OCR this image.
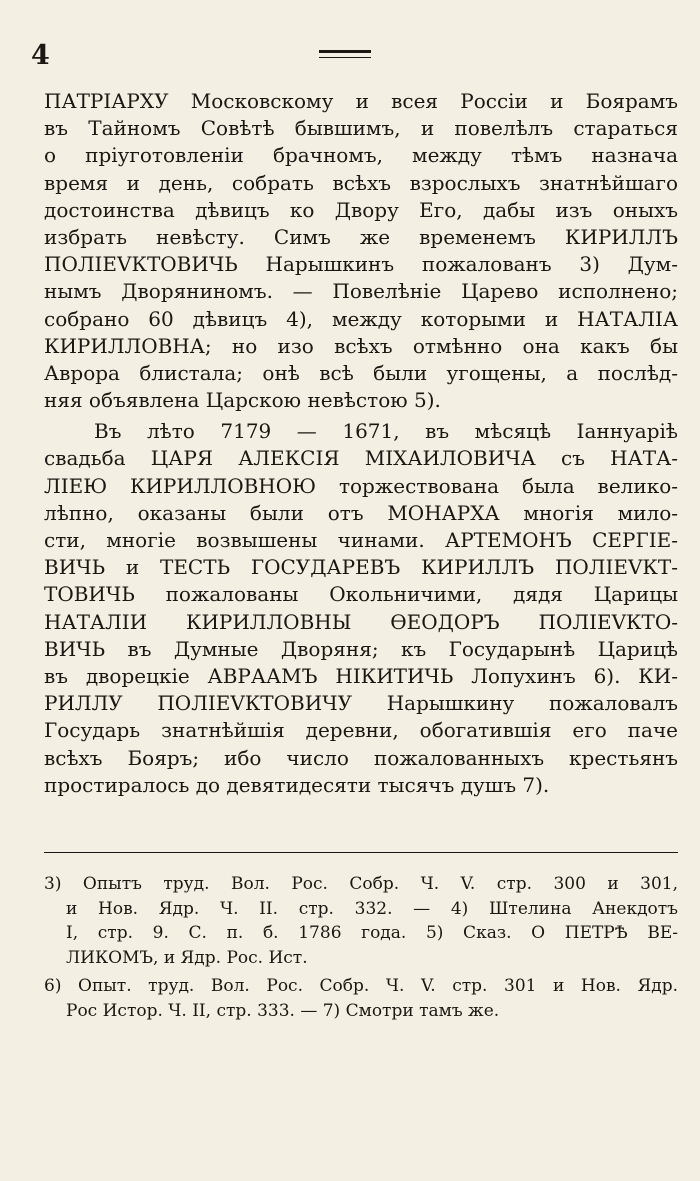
4
ПАТРІАРХУ Московскому и всея Россіи и Боярамъ
въ Тайномъ Совѣтѣ бывшимъ, и повелѣлъ стараться
о пріуготовленіи брачномъ, между тѣмъ назнача
время и день, собрать всѣхъ взрослыхъ знатнѣйшаго
достоинства дѣвицъ ко Двору Его, дабы изъ оныхъ
избрать невѣсту. Симъ же временемъ КИРИЛЛЪ
ПОЛІЕVКТОВИЧЬ Нарышкинъ пожалованъ 3) Дум-
нымъ Дворяниномъ. — Повелѣніе Царево исполнено;
собрано 60 дѣвицъ 4), между которыми и НАТАЛІА
КИРИЛЛОВНА; но изо всѣхъ отмѣнно она какъ бы
Аврора блистала; онѣ всѣ были угощены, а послѣд-
няя объявлена Царскою невѣстою 5).
Въ лѣто 7179 — 1671, въ мѣсяцѣ Іаннуаріѣ
свадьба ЦАРЯ АЛЕКСІЯ МІХАИЛОВИЧА съ НАТА-
ЛІЕЮ КИРИЛЛОВНОЮ торжествована была велико-
лѣпно, оказаны были отъ МОНАРХА многія мило-
сти, многіе возвышены чинами. АРТЕМОНЪ СЕРГІЕ-
ВИЧЬ и ТЕСТЬ ГОСУДАРЕВЪ КИРИЛЛЪ ПОЛІЕVКТ-
ТОВИЧЬ пожалованы Окольничими, дядя Царицы
НАТАЛІИ КИРИЛЛОВНЫ ѲЕОДОРЪ ПОЛІЕVКТО-
ВИЧЬ въ Думные Дворяня; къ Государынѣ Царицѣ
въ дворецкіе АВРААМЪ НІКИТИЧЬ Лопухинъ 6). КИ-
РИЛЛУ ПОЛІЕVКТОВИЧУ Нарышкину пожаловалъ
Государь знатнѣйшія деревни, обогатившія его паче
всѣхъ Бояръ; ибо число пожалованныхъ крестьянъ
простиралось до девятидесяти тысячъ душъ 7).
3) Опытъ труд. Вол. Рос. Собр. Ч. V. стр. 300 и 301,
и Нов. Ядр. Ч. II. стр. 332. — 4) Штелина Анекдотъ
І, стр. 9. С. п. б. 1786 года. 5) Сказ. О ПЕТРѢ ВЕ-
ЛИКОМЪ, и Ядр. Рос. Ист.
6) Опыт. труд. Вол. Рос. Собр. Ч. V. стр. 301 и Нов. Ядр.
Рос Истор. Ч. II, стр. 333. — 7) Смотри тамъ же.
